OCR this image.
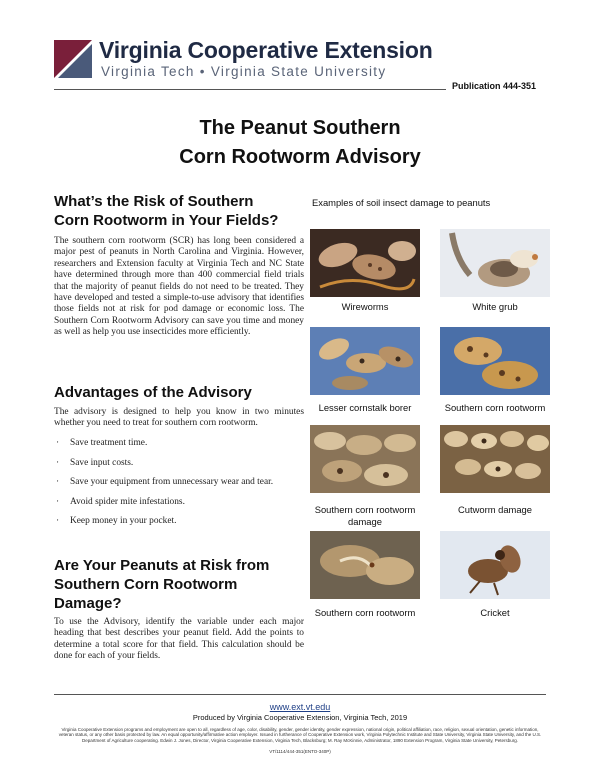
Virginia Cooperative Extension
Virginia Tech • Virginia State University
Publication 444-351
The Peanut Southern
Corn Rootworm Advisory
What’s the Risk of Southern
Corn Rootworm in Your Fields?
The southern corn rootworm (SCR) has long been considered a major pest of peanuts in North Carolina and Virginia. However, researchers and Extension faculty at Virginia Tech and NC State have determined through more than 400 commercial field trials that the majority of peanut fields do not need to be treated. They have developed and tested a simple-to-use advisory that identifies those fields not at risk for pod damage or economic loss. The Southern Corn Rootworm Advisory can save you time and money as well as help you use insecticides more efficiently.
Advantages of the Advisory
The advisory is designed to help you know in two minutes whether you need to treat for southern corn rootworm.
·	Save treatment time.
·	Save input costs.
·	Save your equipment from unnecessary wear and tear.
·	Avoid spider mite infestations.
·	Keep money in your pocket.
Are Your Peanuts at Risk from
Southern Corn Rootworm
Damage?
To use the Advisory, identify the variable under each major heading that best describes your peanut field. Add the points to determine a total score for that field. This calculation should be done for each of your fields.
Examples of soil insect damage to peanuts
Wireworms	White grub
Lesser cornstalk borer	Southern corn rootworm
Southern corn rootworm damage
Cutworm damage
Southern corn rootworm	Cricket
www.ext.vt.edu
Produced by Virginia Cooperative Extension, Virginia Tech, 2019
Virginia Cooperative Extension programs and employment are open to all, regardless of age, color, disability, gender, gender identity, gender expression, national origin, political affiliation, race, religion, sexual orientation, genetic information, veteran status, or any other basis protected by law. An equal opportunity/affirmative action employer. Issued in furtherance of Cooperative Extension work, Virginia Polytechnic Institute and State University, Virginia State University, and the U.S. Department of Agriculture cooperating. Edwin J. Jones, Director, Virginia Cooperative Extension, Virginia Tech, Blacksburg; M. Ray McKinnie, Administrator, 1890 Extension Program, Virginia State University, Petersburg.
VT/1114/444-351(ENTO-340P)
